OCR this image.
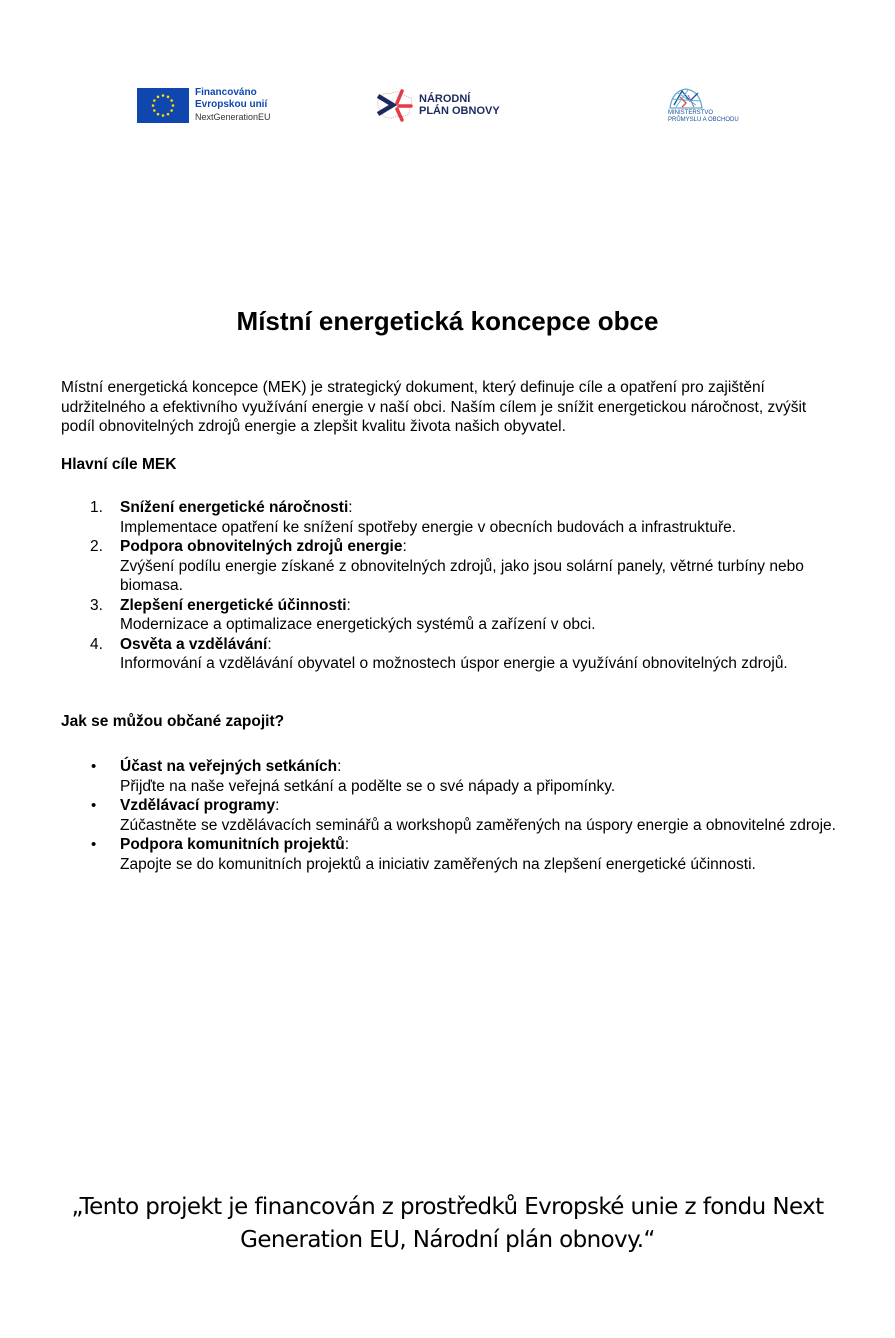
Financováno
Evropskou unií
NextGenerationEU
NÁRODNÍ
PLÁN OBNOVY	MINISTERSTVO
PRŮMYSLU A OBCHODU
Místní energetická koncepce obce

Místní energetická koncepce (MEK) je strategický dokument, který definuje cíle a opatření pro zajištění udržitelného a efektivního využívání energie v naší obci. Naším cílem je snížit energetickou náročnost, zvýšit podíl obnovitelných zdrojů energie a zlepšit kvalitu života našich obyvatel.

Hlavní cíle MEK
1. Snížení energetické náročnosti:
Implementace opatření ke snížení spotřeby energie v obecních budovách a infrastruktuře.
2. Podpora obnovitelných zdrojů energie:
Zvýšení podílu energie získané z obnovitelných zdrojů, jako jsou solární panely, větrné turbíny nebo biomasa.
3. Zlepšení energetické účinnosti:
Modernizace a optimalizace energetických systémů a zařízení v obci.
4. Osvěta a vzdělávání:
Informování a vzdělávání obyvatel o možnostech úspor energie a využívání obnovitelných zdrojů.
Jak se můžou občané zapojit?
• Účast na veřejných setkáních:
Přijďte na naše veřejná setkání a podělte se o své nápady a připomínky.
• Vzdělávací programy:
Zúčastněte se vzdělávacích seminářů a workshopů zaměřených na úspory energie a obnovitelné zdroje.
• Podpora komunitních projektů:
Zapojte se do komunitních projektů a iniciativ zaměřených na zlepšení energetické účinnosti.
„Tento projekt je financován z prostředků Evropské unie z fondu Next
Generation EU, Národní plán obnovy.“
